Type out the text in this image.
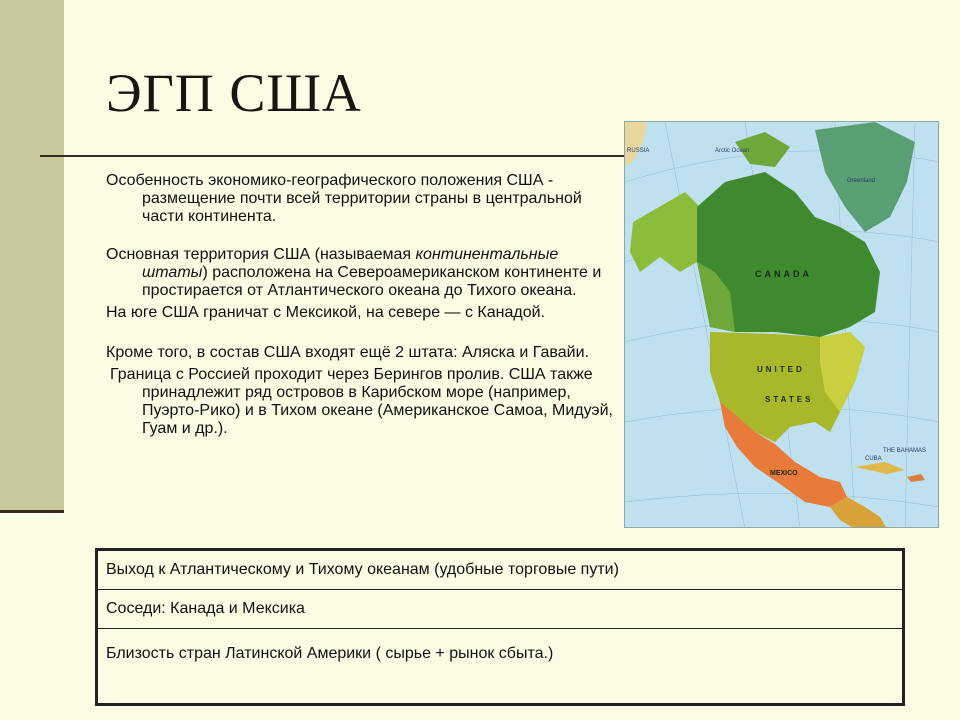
ЭГП США

Особенность экономико-географического положения США - размещение почти всей территории страны в центральной части континента.

Основная территория США (называемая континентальные штаты) расположена на Североамериканском континенте и простирается от Атлантического океана до Тихого океана.

На юге США граничат с Мексикой, на севере — с Канадой.

Кроме того, в состав США входят ещё 2 штата: Аляска и Гавайи.

Граница с Россией проходит через Берингов пролив. США также принадлежит ряд островов в Карибском море (например, Пуэрто-Рико) и в Тихом океане (Американское Самоа, Мидуэй, Гуам и др.).

CANADA
UNITED
STATES
MEXICO
Greenland
RUSSIA	Arctic Ocean
THE BAHAMAS
CUBA
Выход к Атлантическому и Тихому океанам (удобные торговые пути)
Соседи: Канада и Мексика
Близость стран Латинской Америки ( сырье + рынок сбыта.)
